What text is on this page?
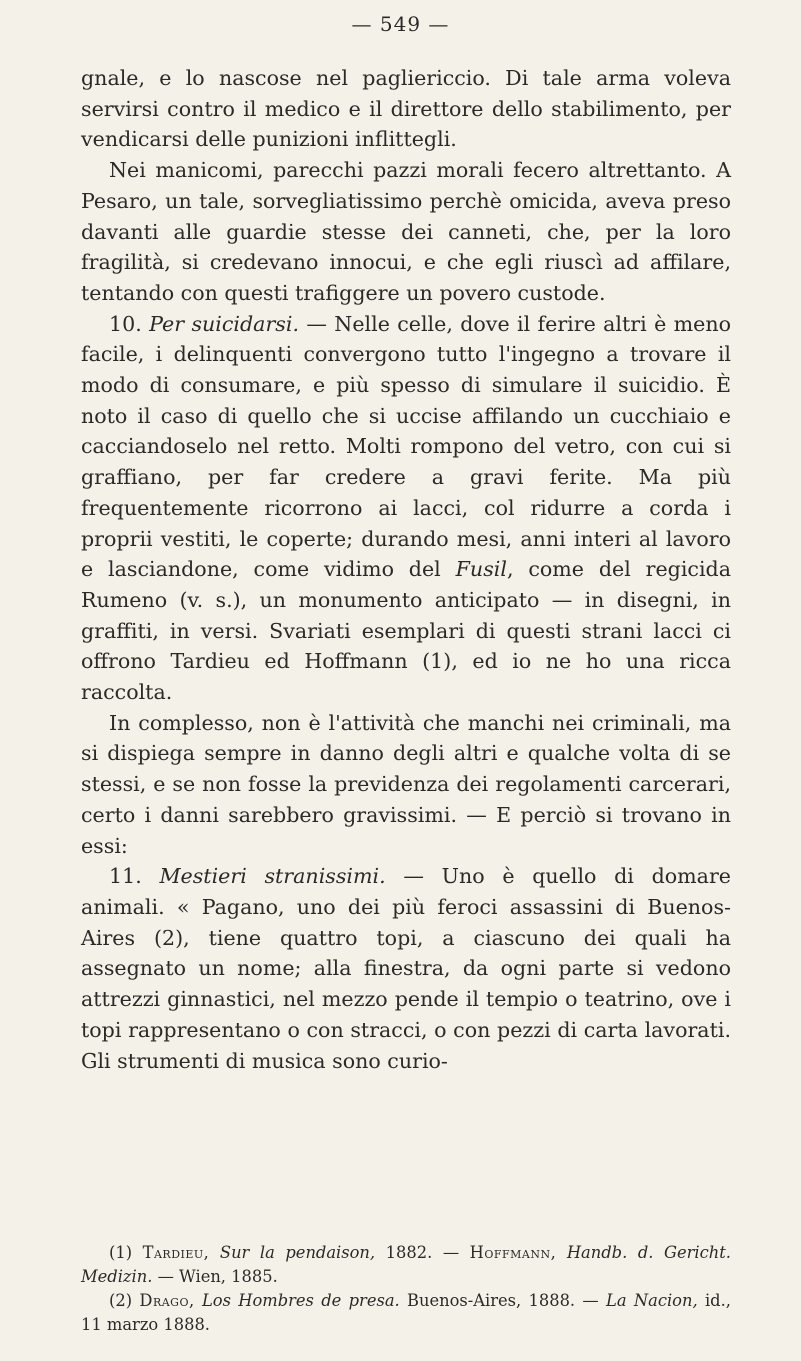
— 549 —

gnale, e lo nascose nel pagliericcio. Di tale arma voleva servirsi contro il medico e il direttore dello stabilimento, per vendicarsi delle punizioni inflittegli.

Nei manicomi, parecchi pazzi morali fecero altrettanto. A Pesaro, un tale, sorvegliatissimo perchè omicida, aveva preso davanti alle guardie stesse dei canneti, che, per la loro fragilità, si credevano innocui, e che egli riuscì ad affilare, tentando con questi trafiggere un povero custode.

10. Per suicidarsi. — Nelle celle, dove il ferire altri è meno facile, i delinquenti convergono tutto l'ingegno a trovare il modo di consumare, e più spesso di simulare il suicidio. È noto il caso di quello che si uccise affilando un cucchiaio e cacciandoselo nel retto. Molti rompono del vetro, con cui si graffiano, per far credere a gravi ferite. Ma più frequentemente ricorrono ai lacci, col ridurre a corda i proprii vestiti, le coperte; durando mesi, anni interi al lavoro e lasciandone, come vidimo del Fusil, come del regicida Rumeno (v. s.), un monumento anticipato — in disegni, in graffiti, in versi. Svariati esemplari di questi strani lacci ci offrono Tardieu ed Hoffmann (1), ed io ne ho una ricca raccolta.

In complesso, non è l'attività che manchi nei criminali, ma si dispiega sempre in danno degli altri e qualche volta di se stessi, e se non fosse la previdenza dei regolamenti carcerari, certo i danni sarebbero gravissimi. — E perciò si trovano in essi:

11. Mestieri stranissimi. — Uno è quello di domare animali. « Pagano, uno dei più feroci assassini di Buenos-Aires (2), tiene quattro topi, a ciascuno dei quali ha assegnato un nome; alla finestra, da ogni parte si vedono attrezzi ginnastici, nel mezzo pende il tempio o teatrino, ove i topi rappresentano o con stracci, o con pezzi di carta lavorati. Gli strumenti di musica sono curio-

(1) Tardieu, Sur la pendaison, 1882. — Hoffmann, Handb. d. Gericht. Medizin. — Wien, 1885.

(2) Drago, Los Hombres de presa. Buenos-Aires, 1888. — La Nacion, id., 11 marzo 1888.
